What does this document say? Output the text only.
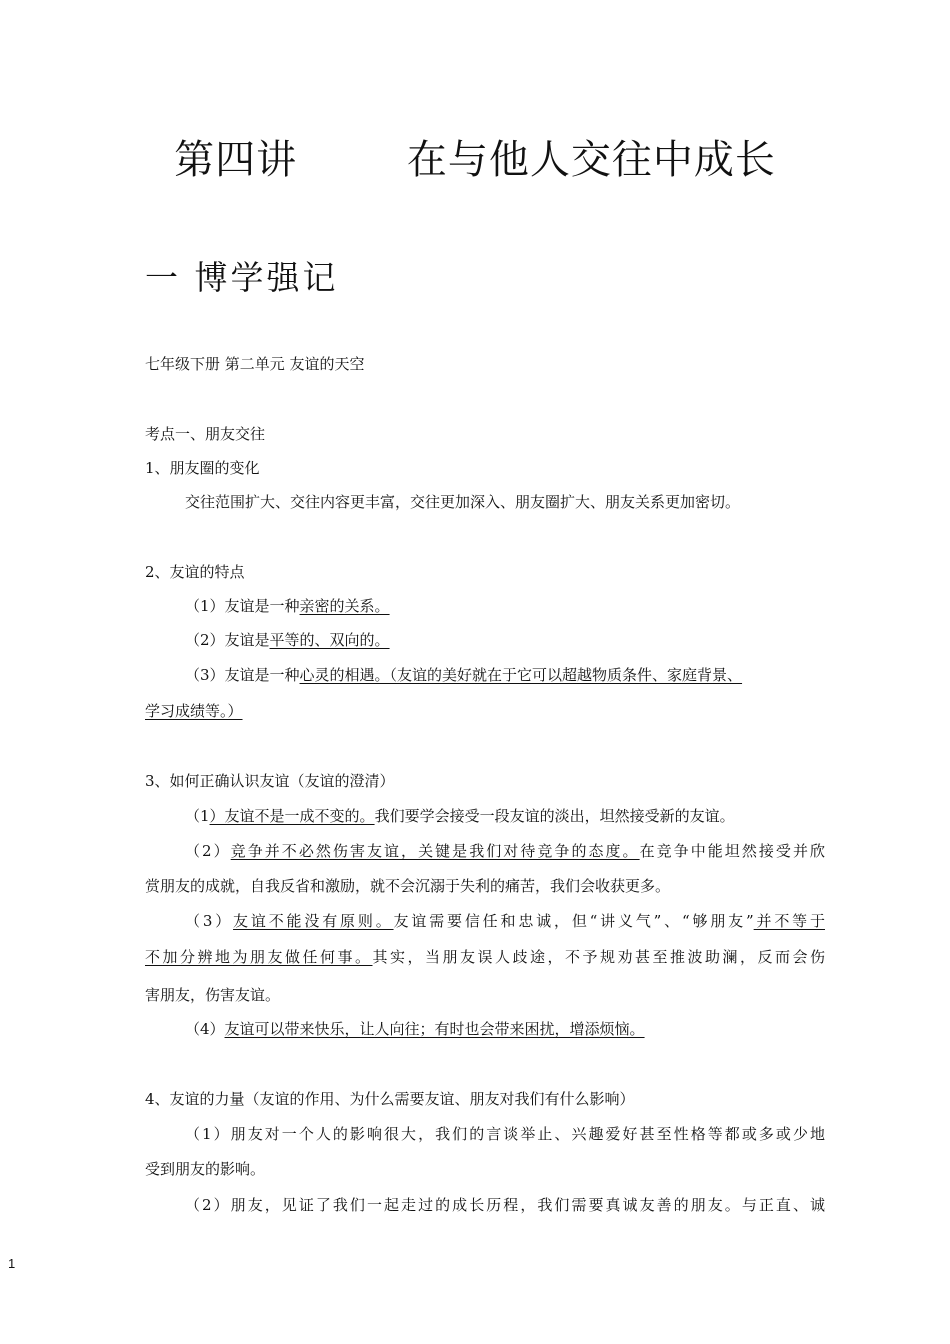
第四讲        在与他人交往中成长
一 博学强记
七年级下册 第二单元 友谊的天空
考点一、朋友交往
1、朋友圈的变化
交往范围扩大、交往内容更丰富，交往更加深入、朋友圈扩大、朋友关系更加密切。
2、友谊的特点
（1）友谊是一种亲密的关系。
（2）友谊是平等的、双向的。
（3）友谊是一种心灵的相遇。（友谊的美好就在于它可以超越物质条件、家庭背景、
学习成绩等。）
3、如何正确认识友谊（友谊的澄清）
（1）友谊不是一成不变的。我们要学会接受一段友谊的淡出，坦然接受新的友谊。
（2）竞争并不必然伤害友谊，关键是我们对待竞争的态度。在竞争中能坦然接受并欣
赏朋友的成就，自我反省和激励，就不会沉溺于失利的痛苦，我们会收获更多。
（3）友谊不能没有原则。友谊需要信任和忠诚，但“讲义气”、“够朋友”并不等于
不加分辨地为朋友做任何事。其实，当朋友误人歧途，不予规劝甚至推波助澜，反而会伤
害朋友，伤害友谊。
（4）友谊可以带来快乐，让人向往；有时也会带来困扰，增添烦恼。
4、友谊的力量（友谊的作用、为什么需要友谊、朋友对我们有什么影响）
（1）朋友对一个人的影响很大，我们的言谈举止、兴趣爱好甚至性格等都或多或少地
受到朋友的影响。
（2）朋友，见证了我们一起走过的成长历程，我们需要真诚友善的朋友。与正直、诚
1
